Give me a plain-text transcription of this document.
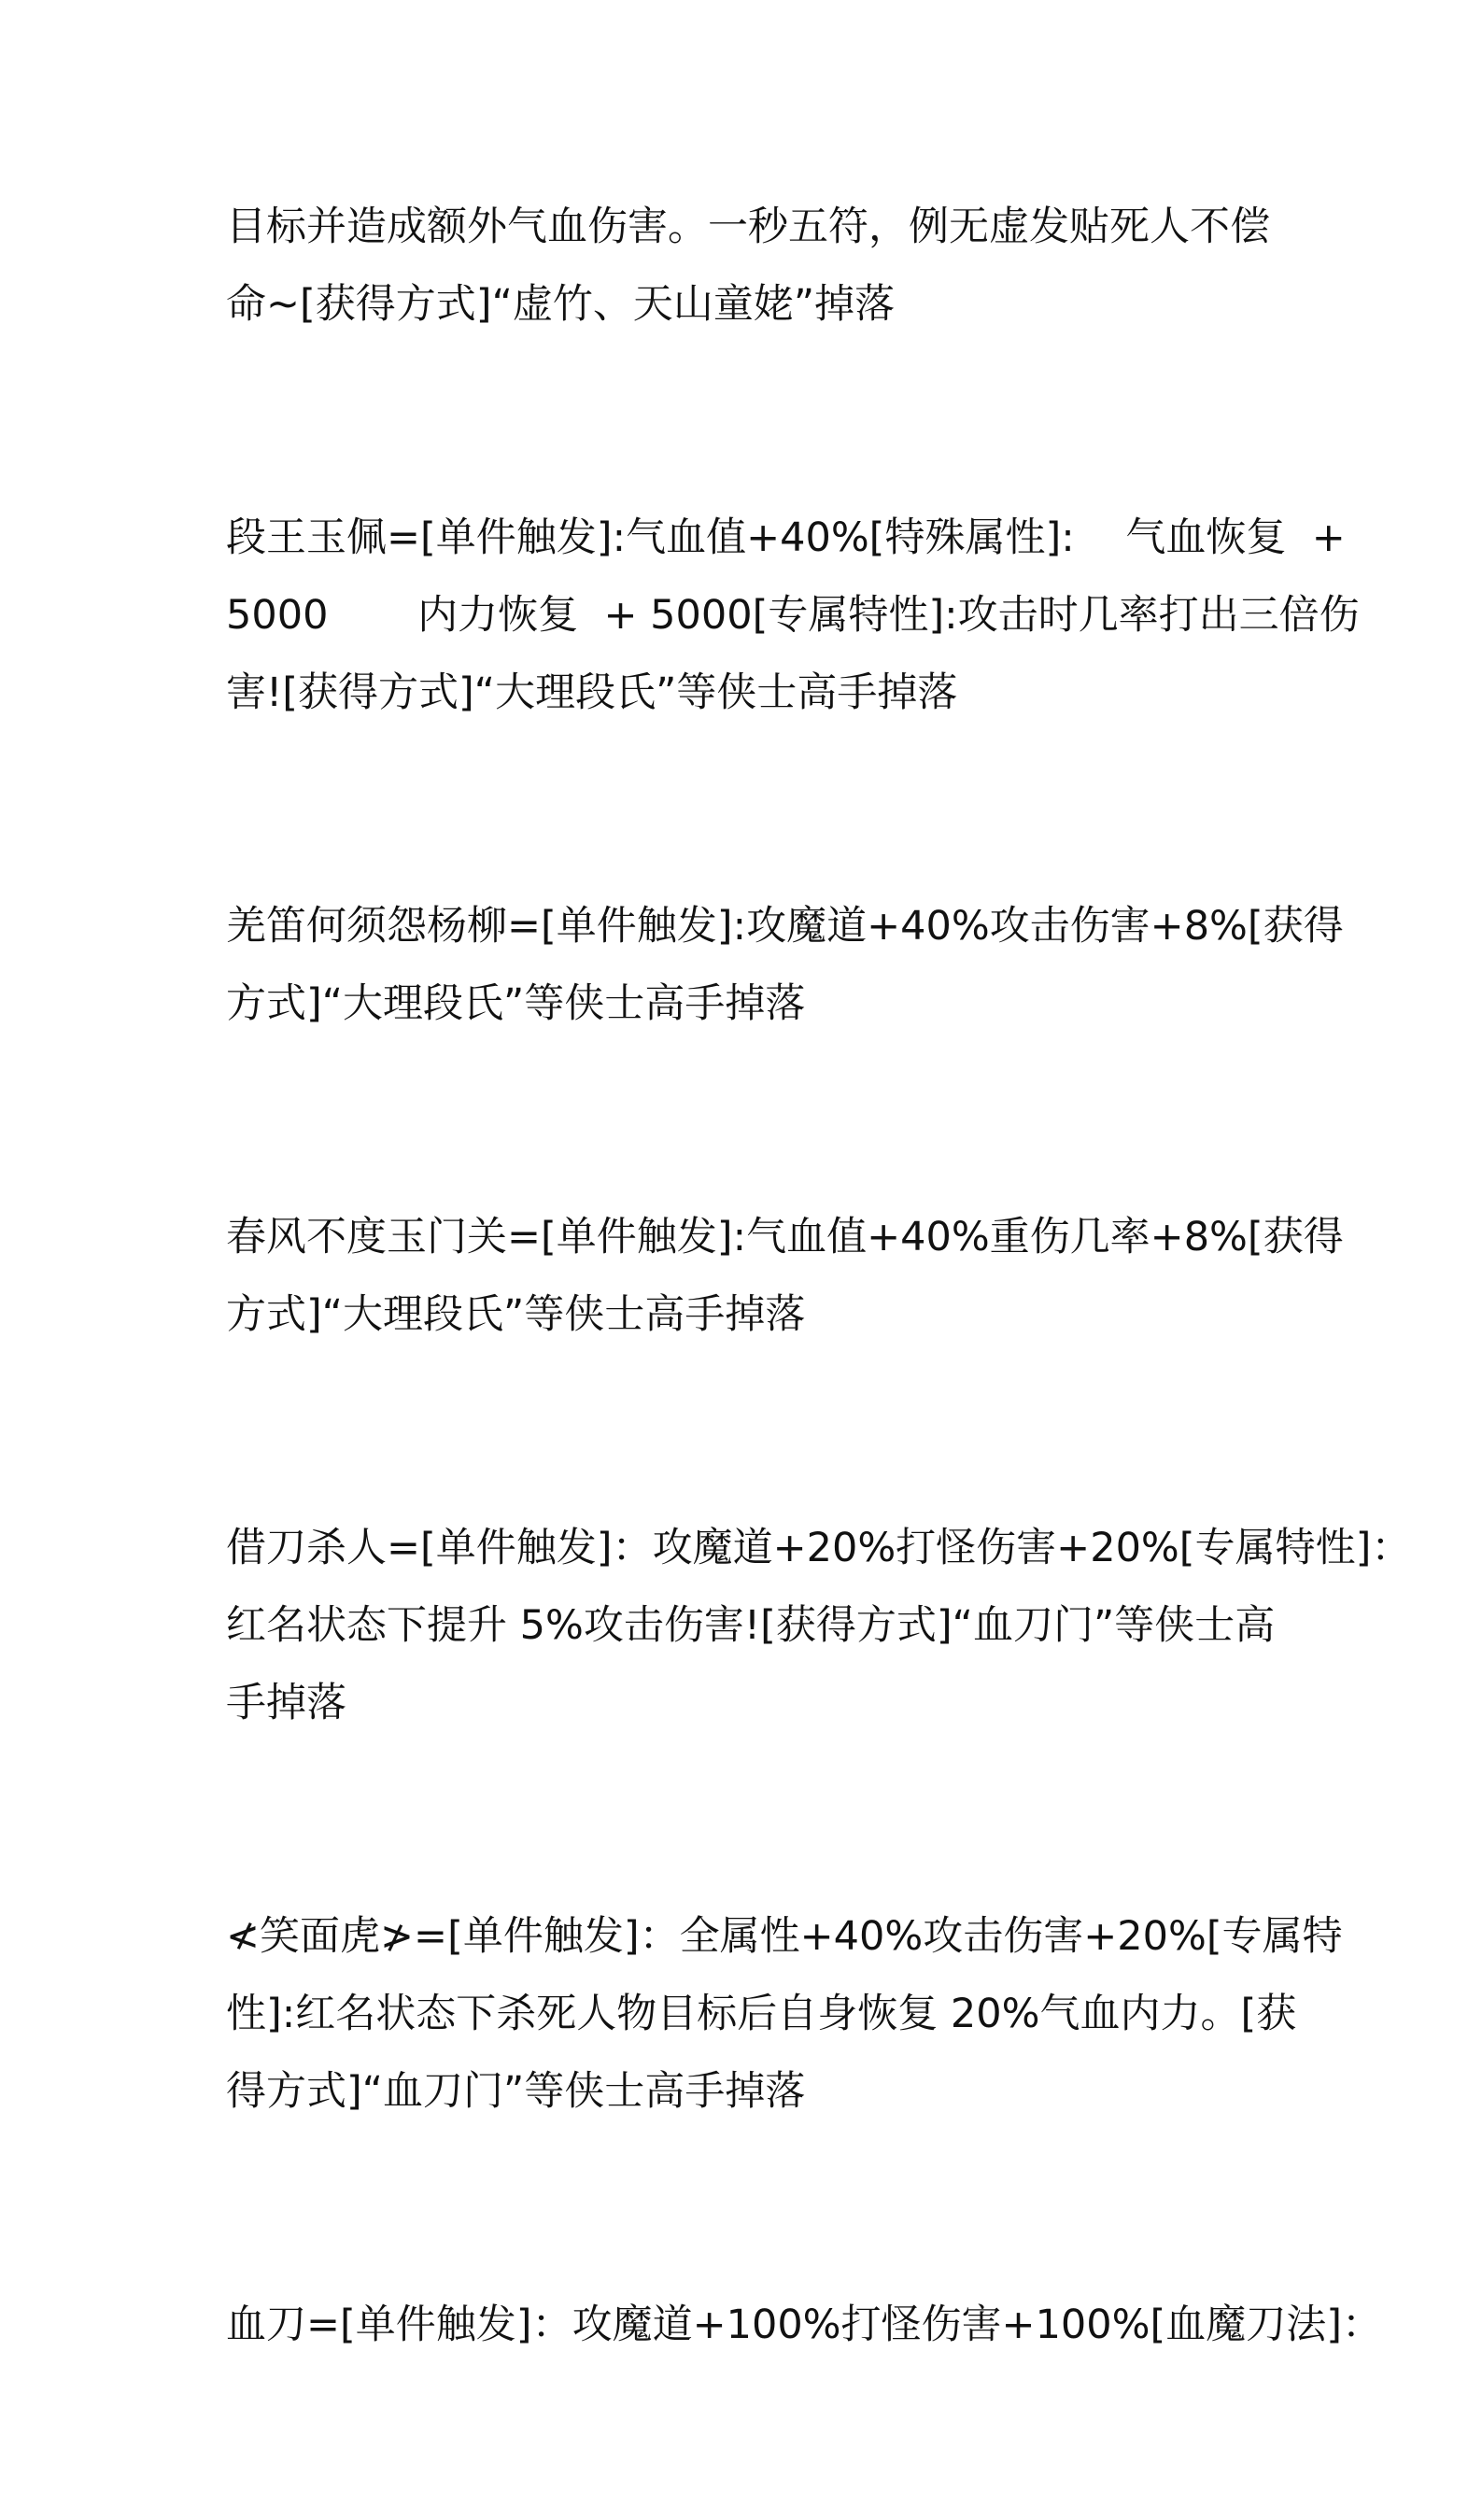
目标并造成额外气血伤害。一秒五符，例无虚发贴死人不偿
命~[获得方式]“虚竹、天山童姥”掉落
段王玉佩=[单件触发]:气血值+40%[特殊属性]:    气血恢复  +
5000       内力恢复  + 5000[专属特性]:攻击时几率打出三倍伤
害![获得方式]“大理段氏”等侠士高手掉落
羌笛何须怨杨柳=[单件触发]:攻魔道+40%攻击伤害+8%[获得
方式]“大理段氏”等侠士高手掉落
春风不度玉门关=[单件触发]:气血值+40%重伤几率+8%[获得
方式]“大理段氏”等侠士高手掉落
借刀杀人=[单件触发]：攻魔道+20%打怪伤害+20%[专属特性]：
红名状态下提升 5%攻击伤害![获得方式]“血刀门”等侠士高
手掉落
≮笑面虎≯=[单件触发]：全属性+40%攻击伤害+20%[专属特
性]:红名状态下杀死人物目标后自身恢复 20%气血内力。[获
得方式]“血刀门”等侠士高手掉落
血刀=[单件触发]：攻魔道+100%打怪伤害+100%[血魔刀法]：
